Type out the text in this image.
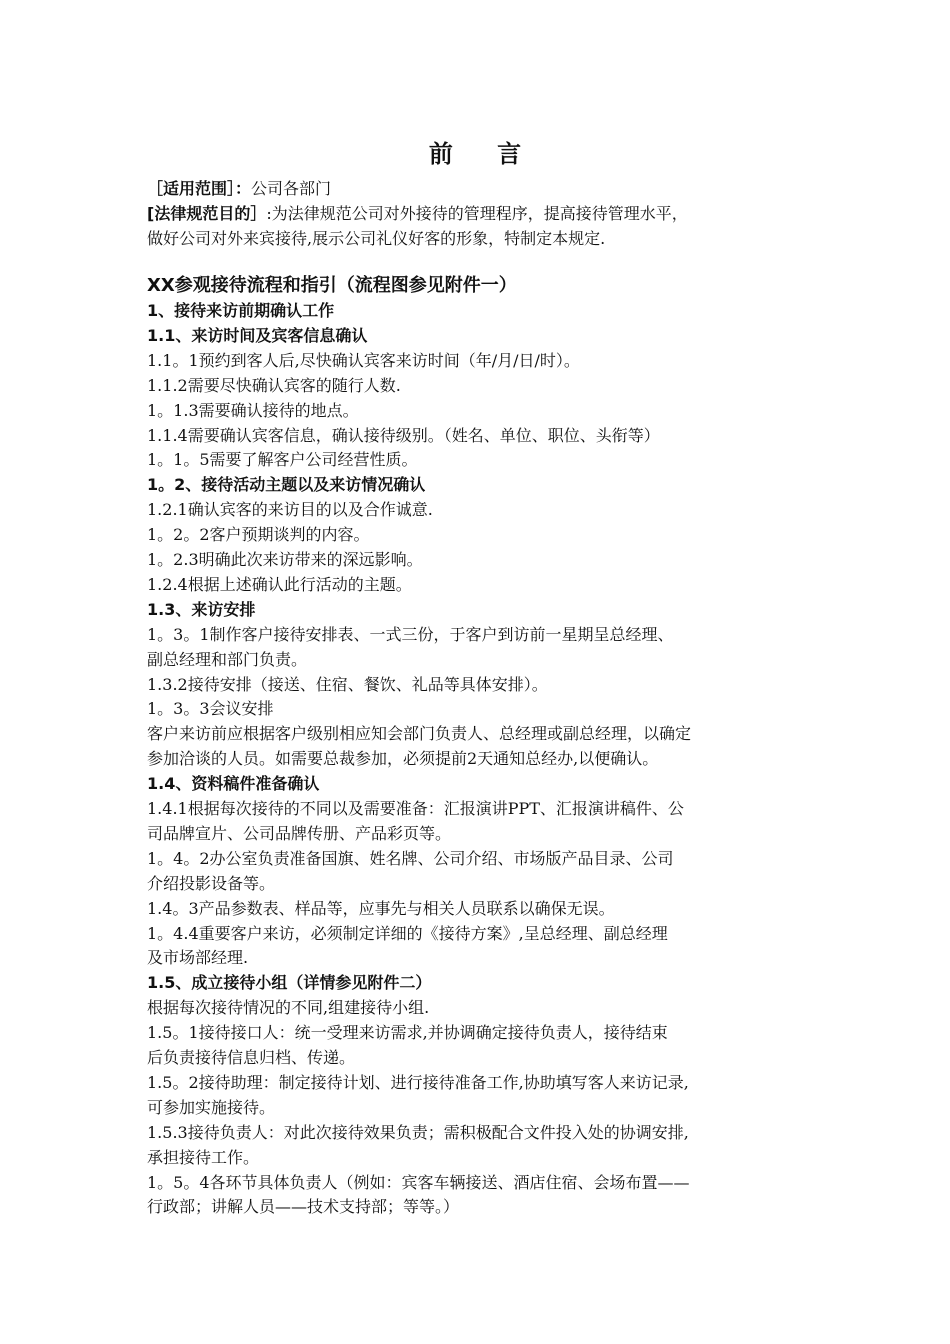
前 言
［适用范围］：公司各部门
[法律规范目的］:为法律规范公司对外接待的管理程序，提高接待管理水平，
做好公司对外来宾接待,展示公司礼仪好客的形象，特制定本规定.
XX参观接待流程和指引（流程图参见附件一）
1、接待来访前期确认工作
1.1、来访时间及宾客信息确认
1.1。1预约到客人后,尽快确认宾客来访时间（年/月/日/时）。
1.1.2需要尽快确认宾客的随行人数.
1。1.3需要确认接待的地点。
1.1.4需要确认宾客信息，确认接待级别。（姓名、单位、职位、头衔等）
1。1。5需要了解客户公司经营性质。
1。2、接待活动主题以及来访情况确认
1.2.1确认宾客的来访目的以及合作诚意.
1。2。2客户预期谈判的内容。
1。2.3明确此次来访带来的深远影响。
1.2.4根据上述确认此行活动的主题。
1.3、来访安排
1。3。1制作客户接待安排表、一式三份，于客户到访前一星期呈总经理、
副总经理和部门负责。
1.3.2接待安排（接送、住宿、餐饮、礼品等具体安排）。
1。3。3会议安排
客户来访前应根据客户级别相应知会部门负责人、总经理或副总经理，以确定
参加洽谈的人员。如需要总裁参加，必须提前2天通知总经办,以便确认。
1.4、资料稿件准备确认
1.4.1根据每次接待的不同以及需要准备：汇报演讲PPT、汇报演讲稿件、公
司品牌宣片、公司品牌传册、产品彩页等。
1。4。2办公室负责准备国旗、姓名牌、公司介绍、市场版产品目录、公司
介绍投影设备等。
1.4。3产品参数表、样品等，应事先与相关人员联系以确保无误。
1。4.4重要客户来访，必须制定详细的《接待方案》,呈总经理、副总经理
及市场部经理.
1.5、成立接待小组（详情参见附件二）
根据每次接待情况的不同,组建接待小组.
1.5。1接待接口人：统一受理来访需求,并协调确定接待负责人，接待结束
后负责接待信息归档、传递。
1.5。2接待助理：制定接待计划、进行接待准备工作,协助填写客人来访记录,
可参加实施接待。
1.5.3接待负责人：对此次接待效果负责；需积极配合文件投入处的协调安排,
承担接待工作。
1。5。4各环节具体负责人（例如：宾客车辆接送、酒店住宿、会场布置——
行政部；讲解人员——技术支持部；等等。）
